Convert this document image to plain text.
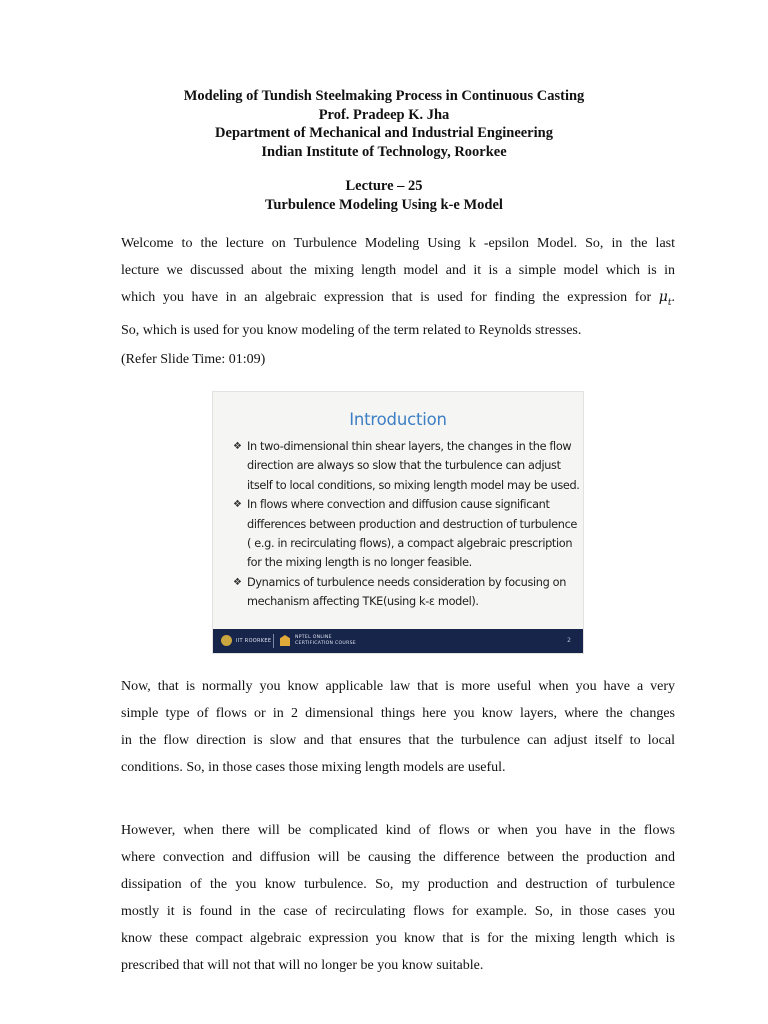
Modeling of Tundish Steelmaking Process in Continuous Casting
Prof. Pradeep K. Jha
Department of Mechanical and Industrial Engineering
Indian Institute of Technology, Roorkee
Lecture – 25
Turbulence Modeling Using k-e Model
Welcome to the lecture on Turbulence Modeling Using k -epsilon Model. So, in the last
lecture we discussed about the mixing length model and it is a simple model which is in
which you have in an algebraic expression that is used for finding the expression for $\mu_t$.
So, which is used for you know modeling of the term related to Reynolds stresses.
(Refer Slide Time: 01:09)
Introduction
❖ In two-dimensional thin shear layers, the changes in the flow
direction are always so slow that the turbulence can adjust
itself to local conditions, so mixing length model may be used.
❖ In flows where convection and diffusion cause significant
differences between production and destruction of turbulence
( e.g. in recirculating flows), a compact algebraic prescription
for the mixing length is no longer feasible.
❖ Dynamics of turbulence needs consideration by focusing on
mechanism affecting TKE(using k-ε model).
IIT ROORKEE
NPTEL ONLINE
CERTIFICATION COURSE	2
Now, that is normally you know applicable law that is more useful when you have a very
simple type of flows or in 2 dimensional things here you know layers, where the changes
in the flow direction is slow and that ensures that the turbulence can adjust itself to local
conditions. So, in those cases those mixing length models are useful.
However, when there will be complicated kind of flows or when you have in the flows
where convection and diffusion will be causing the difference between the production and
dissipation of the you know turbulence. So, my production and destruction of turbulence
mostly it is found in the case of recirculating flows for example. So, in those cases you
know these compact algebraic expression you know that is for the mixing length which is
prescribed that will not that will no longer be you know suitable.
